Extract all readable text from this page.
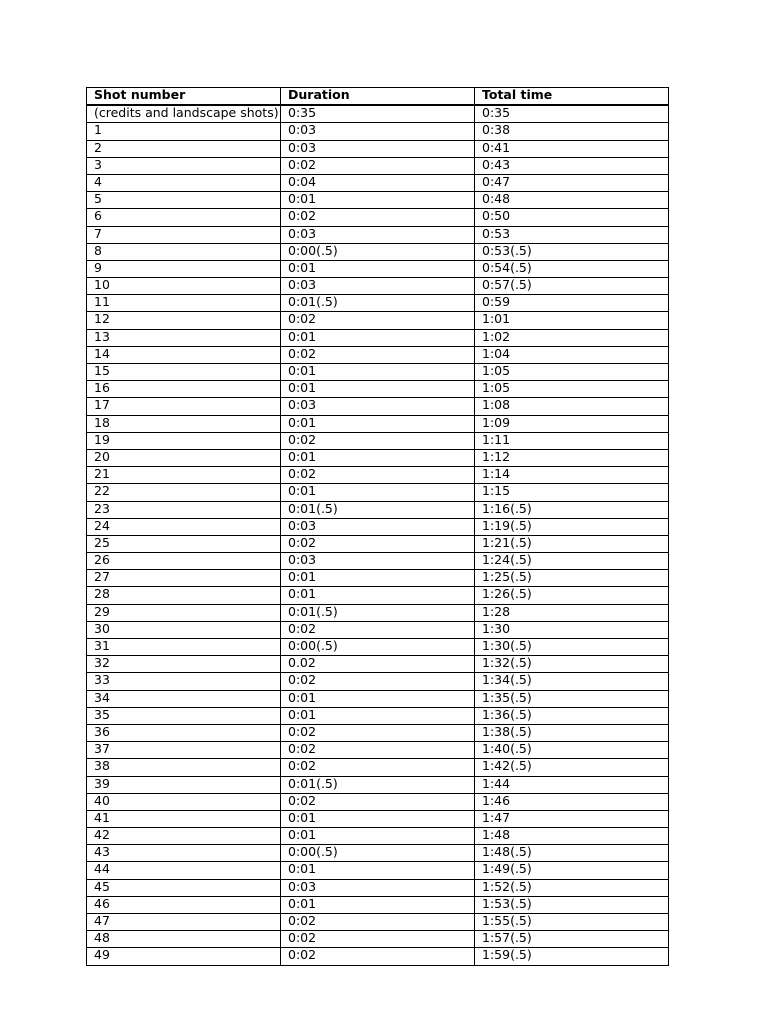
Shot number	Duration	Total time
(credits and landscape shots)	0:35	0:35
1	0:03	0:38
2	0:03	0:41
3	0:02	0:43
4	0:04	0:47
5	0:01	0:48
6	0:02	0:50
7	0:03	0:53
8	0:00(.5)	0:53(.5)
9	0:01	0:54(.5)
10	0:03	0:57(.5)
11	0:01(.5)	0:59
12	0:02	1:01
13	0:01	1:02
14	0:02	1:04
15	0:01	1:05
16	0:01	1:05
17	0:03	1:08
18	0:01	1:09
19	0:02	1:11
20	0:01	1:12
21	0:02	1:14
22	0:01	1:15
23	0:01(.5)	1:16(.5)
24	0:03	1:19(.5)
25	0:02	1:21(.5)
26	0:03	1:24(.5)
27	0:01	1:25(.5)
28	0:01	1:26(.5)
29	0:01(.5)	1:28
30	0:02	1:30
31	0:00(.5)	1:30(.5)
32	0.02	1:32(.5)
33	0:02	1:34(.5)
34	0:01	1:35(.5)
35	0:01	1:36(.5)
36	0:02	1:38(.5)
37	0:02	1:40(.5)
38	0:02	1:42(.5)
39	0:01(.5)	1:44
40	0:02	1:46
41	0:01	1:47
42	0:01	1:48
43	0:00(.5)	1:48(.5)
44	0:01	1:49(.5)
45	0:03	1:52(.5)
46	0:01	1:53(.5)
47	0:02	1:55(.5)
48	0:02	1:57(.5)
49	0:02	1:59(.5)
